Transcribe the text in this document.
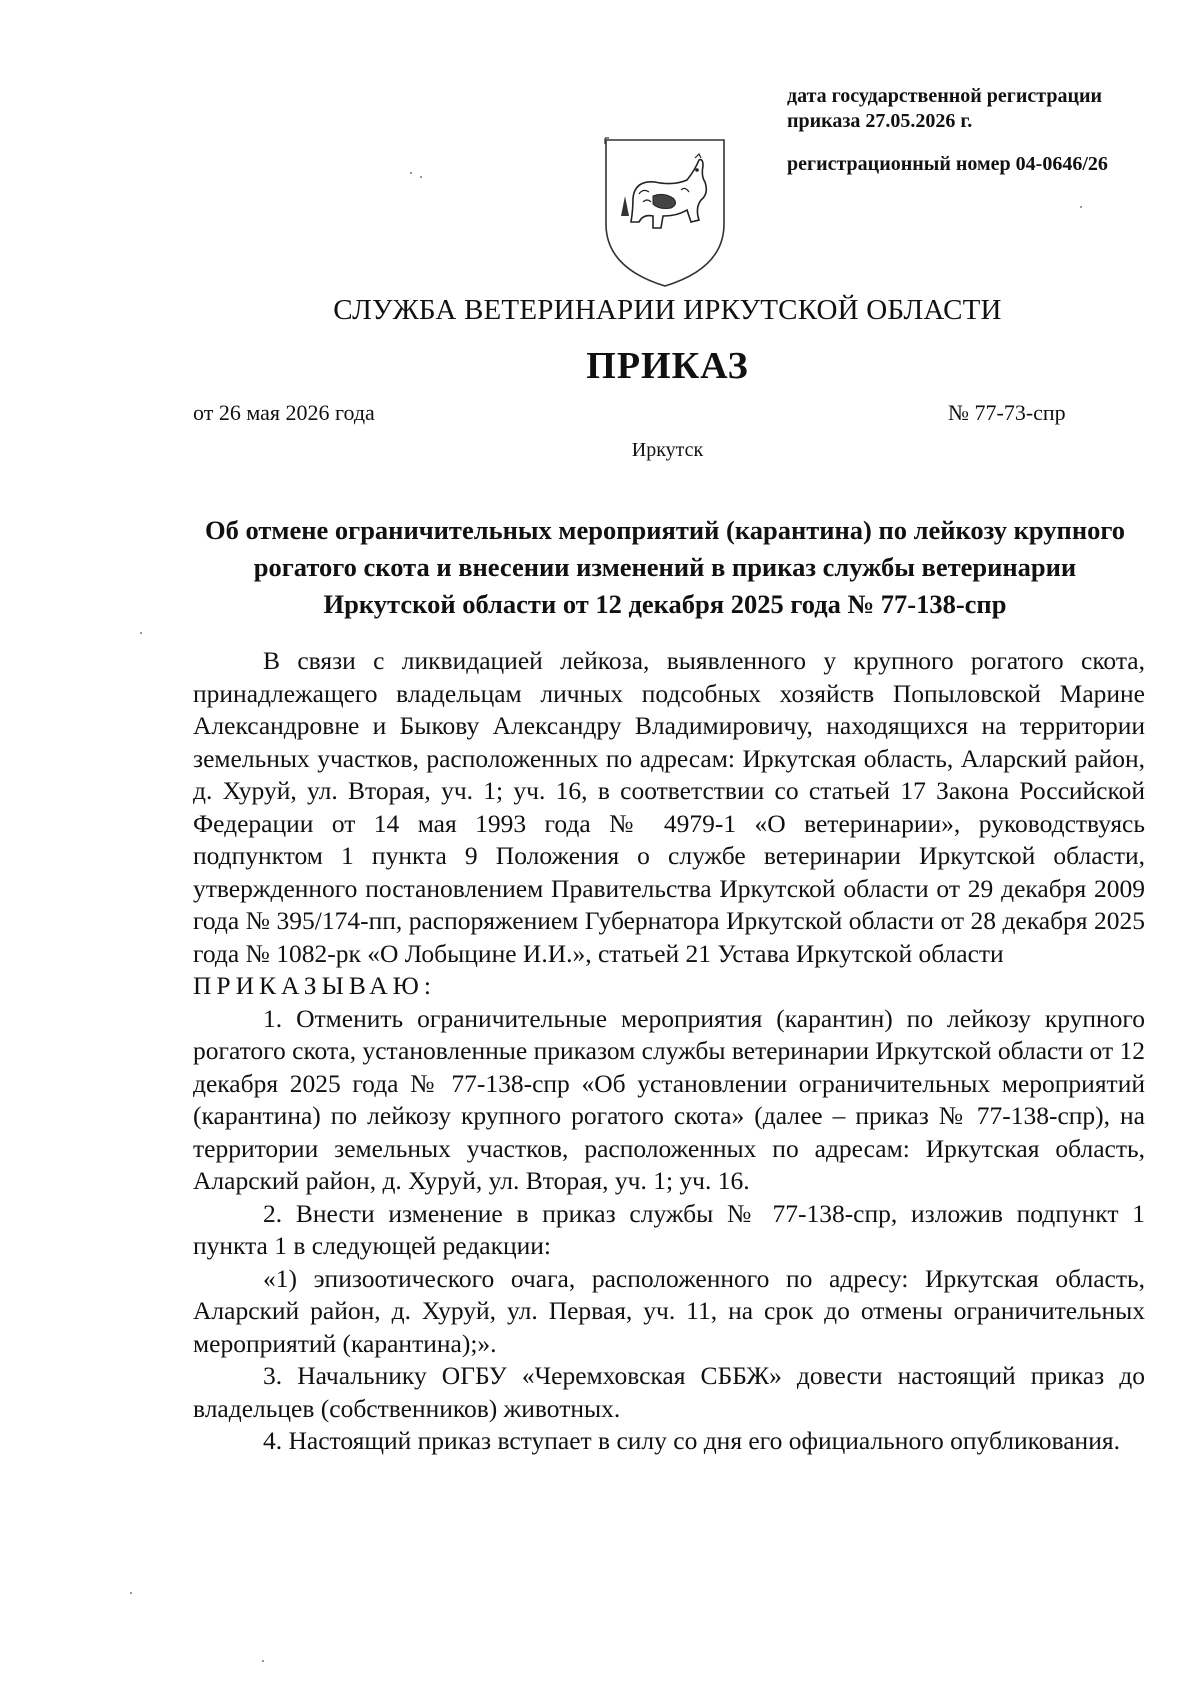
дата государственной регистрации
приказа 27.05.2026 г.
регистрационный номер 04-0646/26
СЛУЖБА ВЕТЕРИНАРИИ ИРКУТСКОЙ ОБЛАСТИ
ПРИКАЗ
от 26 мая 2026 года	№ 77-73-спр
Иркутск
Об отмене ограничительных мероприятий (карантина) по лейкозу крупного рогатого скота и внесении изменений в приказ службы ветеринарии Иркутской области от 12 декабря 2025 года № 77-138-спр

В связи с ликвидацией лейкоза, выявленного у крупного рогатого скота, принадлежащего владельцам личных подсобных хозяйств Попыловской Марине Александровне и Быкову Александру Владимировичу, находящихся на территории земельных участков, расположенных по адресам: Иркутская область, Аларский район, д. Хуруй, ул. Вторая, уч. 1; уч. 16, в соответствии со статьей 17 Закона Российской Федерации от 14 мая 1993 года № 4979-1 «О ветеринарии», руководствуясь подпунктом 1 пункта 9 Положения о службе ветеринарии Иркутской области, утвержденного постановлением Правительства Иркутской области от 29 декабря 2009 года № 395/174-пп, распоряжением Губернатора Иркутской области от 28 декабря 2025 года № 1082-рк «О Лобыцине И.И.», статьей 21 Устава Иркутской области

ПРИКАЗЫВАЮ:

1. Отменить ограничительные мероприятия (карантин) по лейкозу крупного рогатого скота, установленные приказом службы ветеринарии Иркутской области от 12 декабря 2025 года № 77-138-спр «Об установлении ограничительных мероприятий (карантина) по лейкозу крупного рогатого скота» (далее – приказ № 77-138-спр), на территории земельных участков, расположенных по адресам: Иркутская область, Аларский район, д. Хуруй, ул. Вторая, уч. 1; уч. 16.

2. Внести изменение в приказ службы № 77-138-спр, изложив подпункт 1 пункта 1 в следующей редакции:

«1) эпизоотического очага, расположенного по адресу: Иркутская область, Аларский район, д. Хуруй, ул. Первая, уч. 11, на срок до отмены ограничительных мероприятий (карантина);».

3. Начальнику ОГБУ «Черемховская СББЖ» довести настоящий приказ до владельцев (собственников) животных.

4. Настоящий приказ вступает в силу со дня его официального опубликования.
